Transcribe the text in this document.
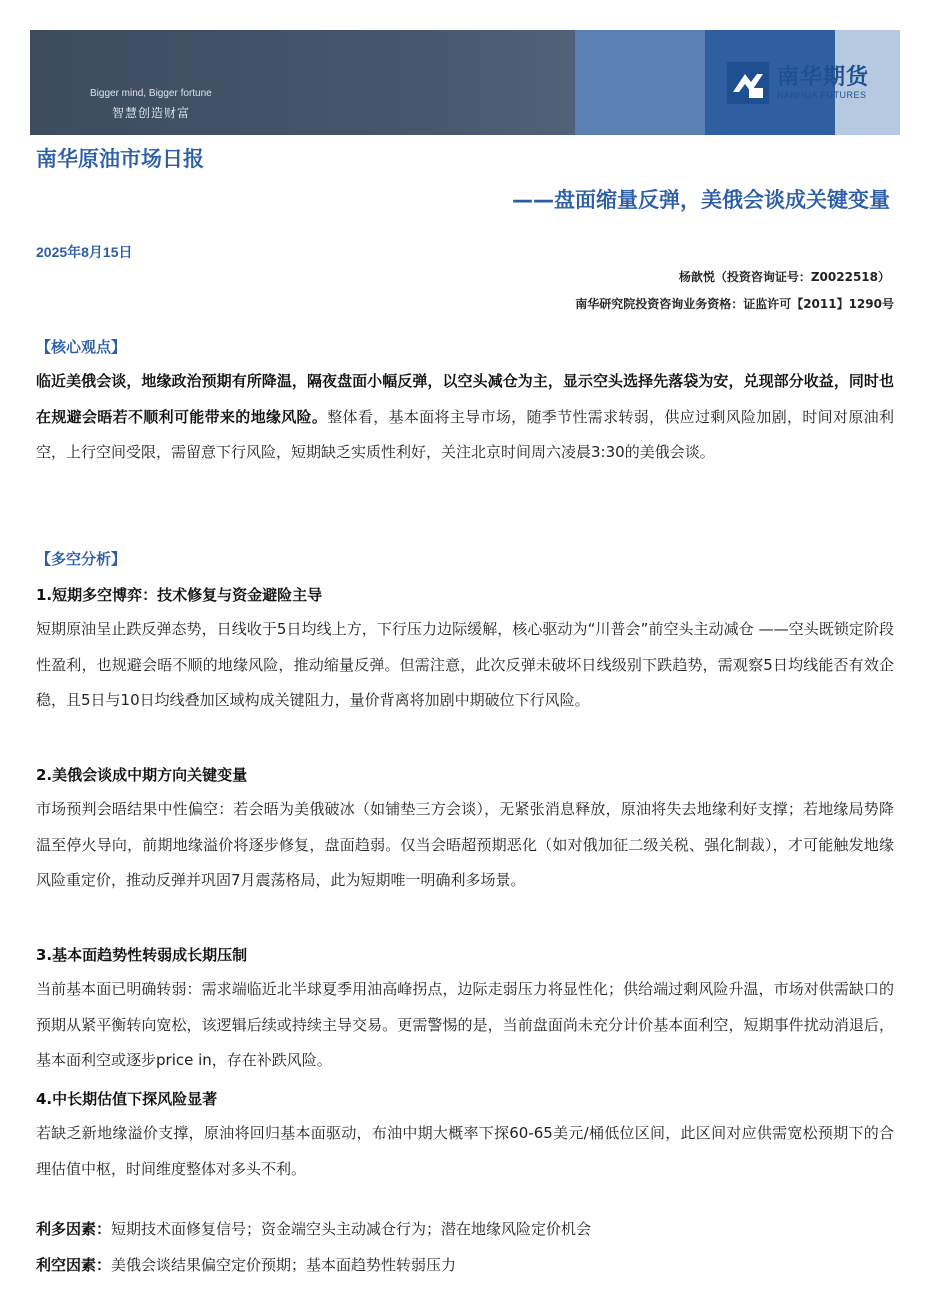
Bigger mind, Bigger fortune
智慧创造财富
南华期货
NANHUA FUTURES
南华原油市场日报
——盘面缩量反弹，美俄会谈成关键变量
2025年8月15日
杨歆悦（投资咨询证号：Z0022518）
南华研究院投资咨询业务资格：证监许可【2011】1290号
【核心观点】
临近美俄会谈，地缘政治预期有所降温，隔夜盘面小幅反弹，以空头减仓为主，显示空头选择先落袋为安，兑现部分收益，同时也在规避会晤若不顺利可能带来的地缘风险。整体看，基本面将主导市场，随季节性需求转弱，供应过剩风险加剧，时间对原油利空，上行空间受限，需留意下行风险，短期缺乏实质性利好，关注北京时间周六凌晨3:30的美俄会谈。
【多空分析】
1.短期多空博弈：技术修复与资金避险主导
短期原油呈止跌反弹态势，日线收于5日均线上方，下行压力边际缓解，核心驱动为“川普会”前空头主动减仓 ——空头既锁定阶段性盈利，也规避会晤不顺的地缘风险，推动缩量反弹。但需注意，此次反弹未破坏日线级别下跌趋势，需观察5日均线能否有效企稳，且5日与10日均线叠加区域构成关键阻力，量价背离将加剧中期破位下行风险。
2.美俄会谈成中期方向关键变量
市场预判会晤结果中性偏空：若会晤为美俄破冰（如铺垫三方会谈），无紧张消息释放，原油将失去地缘利好支撑；若地缘局势降温至停火导向，前期地缘溢价将逐步修复，盘面趋弱。仅当会晤超预期恶化（如对俄加征二级关税、强化制裁），才可能触发地缘风险重定价，推动反弹并巩固7月震荡格局，此为短期唯一明确利多场景。
3.基本面趋势性转弱成长期压制
当前基本面已明确转弱：需求端临近北半球夏季用油高峰拐点，边际走弱压力将显性化；供给端过剩风险升温，市场对供需缺口的预期从紧平衡转向宽松，该逻辑后续或持续主导交易。更需警惕的是，当前盘面尚未充分计价基本面利空，短期事件扰动消退后，基本面利空或逐步price in，存在补跌风险。
4.中长期估值下探风险显著
若缺乏新地缘溢价支撑，原油将回归基本面驱动，布油中期大概率下探60-65美元/桶低位区间，此区间对应供需宽松预期下的合理估值中枢，时间维度整体对多头不利。
利多因素：短期技术面修复信号；资金端空头主动减仓行为；潜在地缘风险定价机会
利空因素：美俄会谈结果偏空定价预期；基本面趋势性转弱压力
